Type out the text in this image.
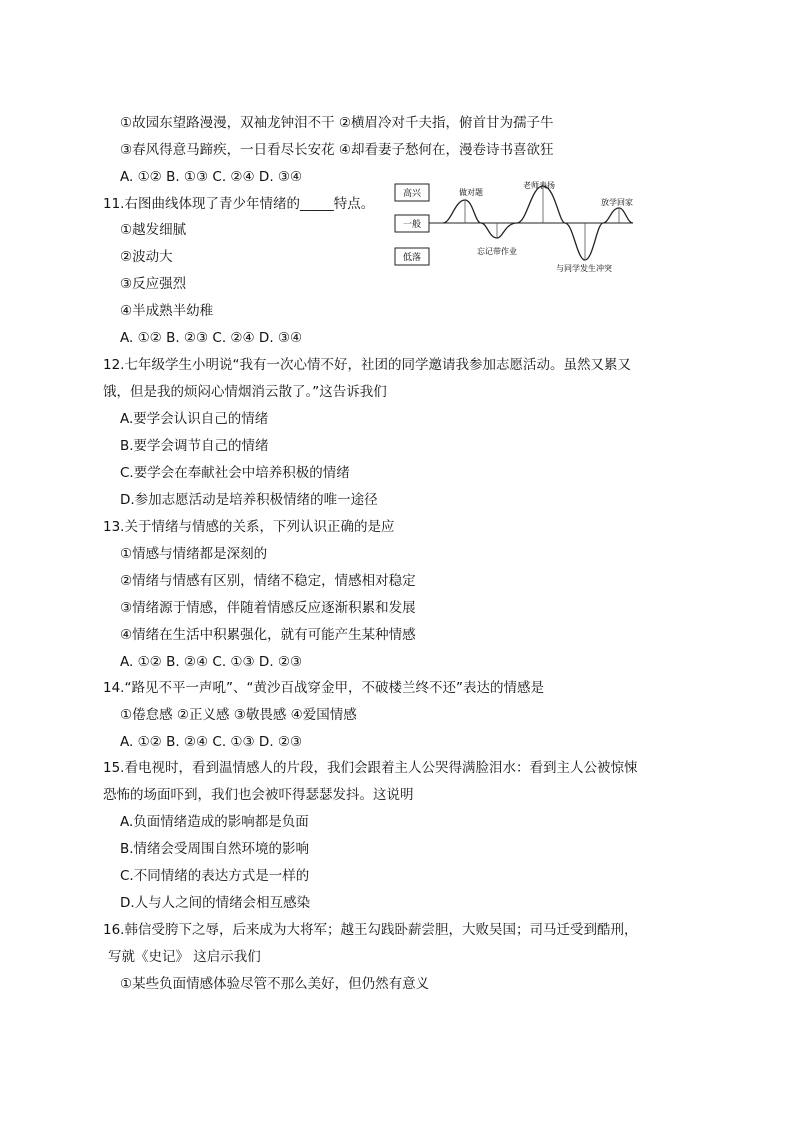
①故园东望路漫漫，双袖龙钟泪不干 ②横眉冷对千夫指，俯首甘为孺子牛
③春风得意马蹄疾，一日看尽长安花 ④却看妻子愁何在，漫卷诗书喜欲狂
A. ①② B. ①③ C. ②④ D. ③④
11.右图曲线体现了青少年情绪的_____特点。
①越发细腻
②波动大
③反应强烈
④半成熟半幼稚
A. ①② B. ②③ C. ②④ D. ③④
高兴
一般
低落
做对题
老师表扬
放学回家
忘记带作业
与同学发生冲突
12.七年级学生小明说“我有一次心情不好，社团的同学邀请我参加志愿活动。虽然又累又
饿，但是我的烦闷心情烟消云散了。”这告诉我们
A.要学会认识自己的情绪
B.要学会调节自己的情绪
C.要学会在奉献社会中培养积极的情绪
D.参加志愿活动是培养积极情绪的唯一途径
13.关于情绪与情感的关系，下列认识正确的是应
①情感与情绪都是深刻的
②情绪与情感有区别，情绪不稳定，情感相对稳定
③情绪源于情感，伴随着情感反应逐渐积累和发展
④情绪在生活中积累强化，就有可能产生某种情感
A. ①② B. ②④ C. ①③ D. ②③
14.“路见不平一声吼”、“黄沙百战穿金甲，不破楼兰终不还”表达的情感是
①倦怠感 ②正义感 ③敬畏感 ④爱国情感
A. ①② B. ②④ C. ①③ D. ②③
15.看电视时，看到温情感人的片段，我们会跟着主人公哭得满脸泪水：看到主人公被惊悚
恐怖的场面吓到，我们也会被吓得瑟瑟发抖。这说明
A.负面情绪造成的影响都是负面
B.情绪会受周围自然环境的影响
C.不同情绪的表达方式是一样的
D.人与人之间的情绪会相互感染
16.韩信受胯下之辱，后来成为大将军；越王勾践卧薪尝胆，大败吴国；司马迁受到酷刑，
写就《史记》 这启示我们
①某些负面情感体验尽管不那么美好，但仍然有意义
